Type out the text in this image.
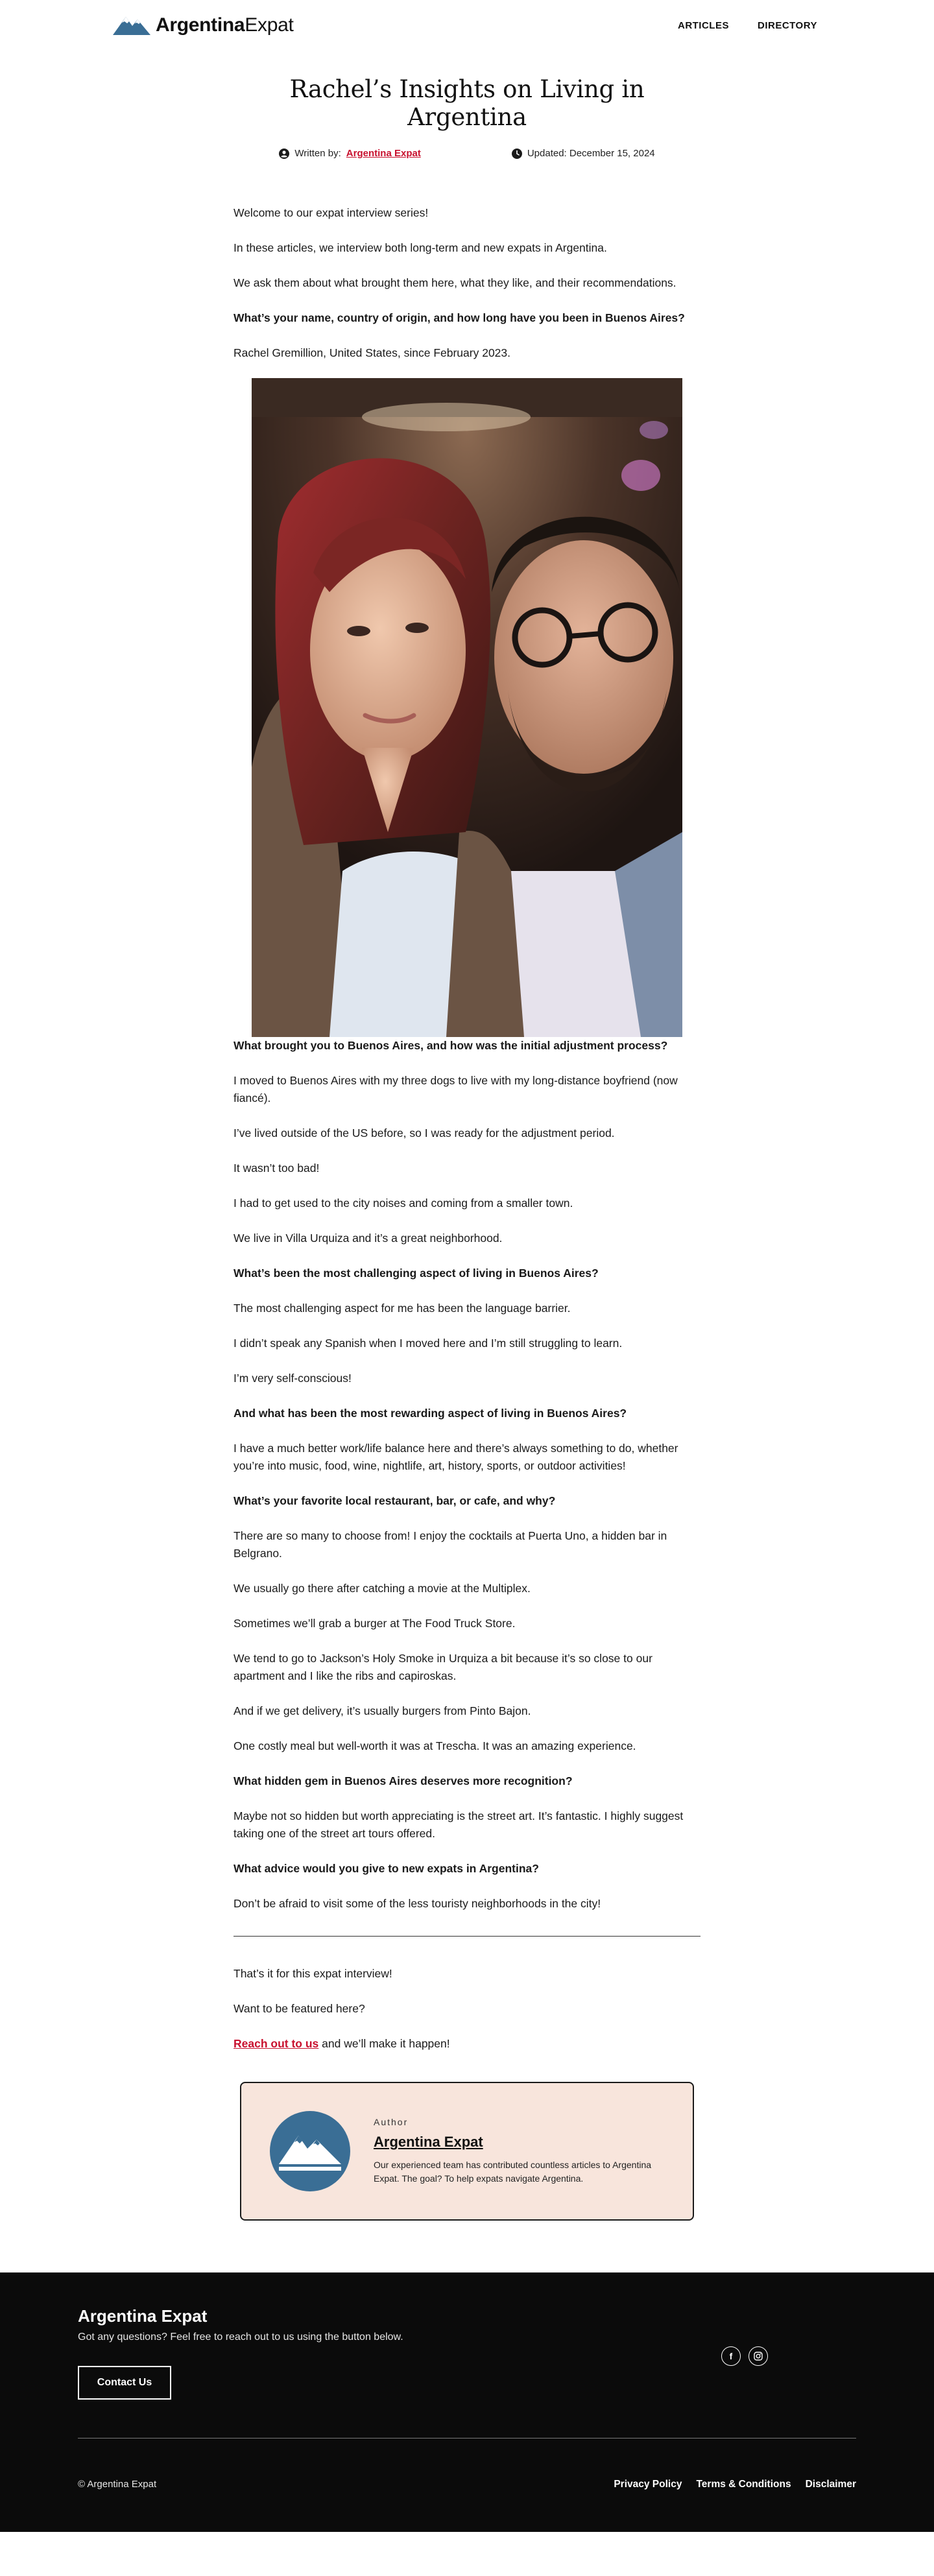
ArgentinaExpat	ARTICLES	DIRECTORY
Rachel’s Insights on Living in Argentina
Written by: Argentina Expat	Updated: December 15, 2024

Welcome to our expat interview series!

In these articles, we interview both long-term and new expats in Argentina.

We ask them about what brought them here, what they like, and their recommendations.

What’s your name, country of origin, and how long have you been in Buenos Aires?

Rachel Gremillion, United States, since February 2023.

What brought you to Buenos Aires, and how was the initial adjustment process?

I moved to Buenos Aires with my three dogs to live with my long-distance boyfriend (now fiancé).

I’ve lived outside of the US before, so I was ready for the adjustment period.

It wasn’t too bad!

I had to get used to the city noises and coming from a smaller town.

We live in Villa Urquiza and it’s a great neighborhood.

What’s been the most challenging aspect of living in Buenos Aires?

The most challenging aspect for me has been the language barrier.

I didn’t speak any Spanish when I moved here and I’m still struggling to learn.

I’m very self-conscious!

And what has been the most rewarding aspect of living in Buenos Aires?

I have a much better work/life balance here and there’s always something to do, whether you’re into music, food, wine, nightlife, art, history, sports, or outdoor activities!

What’s your favorite local restaurant, bar, or cafe, and why?

There are so many to choose from! I enjoy the cocktails at Puerta Uno, a hidden bar in Belgrano.

We usually go there after catching a movie at the Multiplex.

Sometimes we’ll grab a burger at The Food Truck Store.

We tend to go to Jackson’s Holy Smoke in Urquiza a bit because it’s so close to our apartment and I like the ribs and capiroskas.

And if we get delivery, it’s usually burgers from Pinto Bajon.

One costly meal but well-worth it was at Trescha. It was an amazing experience.

What hidden gem in Buenos Aires deserves more recognition?

Maybe not so hidden but worth appreciating is the street art. It’s fantastic. I highly suggest taking one of the street art tours offered.

What advice would you give to new expats in Argentina?

Don’t be afraid to visit some of the less touristy neighborhoods in the city!

That’s it for this expat interview!

Want to be featured here?

Reach out to us and we’ll make it happen!

Author
Argentina Expat

Our experienced team has contributed countless articles to Argentina Expat. The goal? To help expats navigate Argentina.

Argentina Expat

Got any questions? Feel free to reach out to us using the button below.

Contact Us
f
© Argentina Expat	Privacy Policy Terms & Conditions Disclaimer
